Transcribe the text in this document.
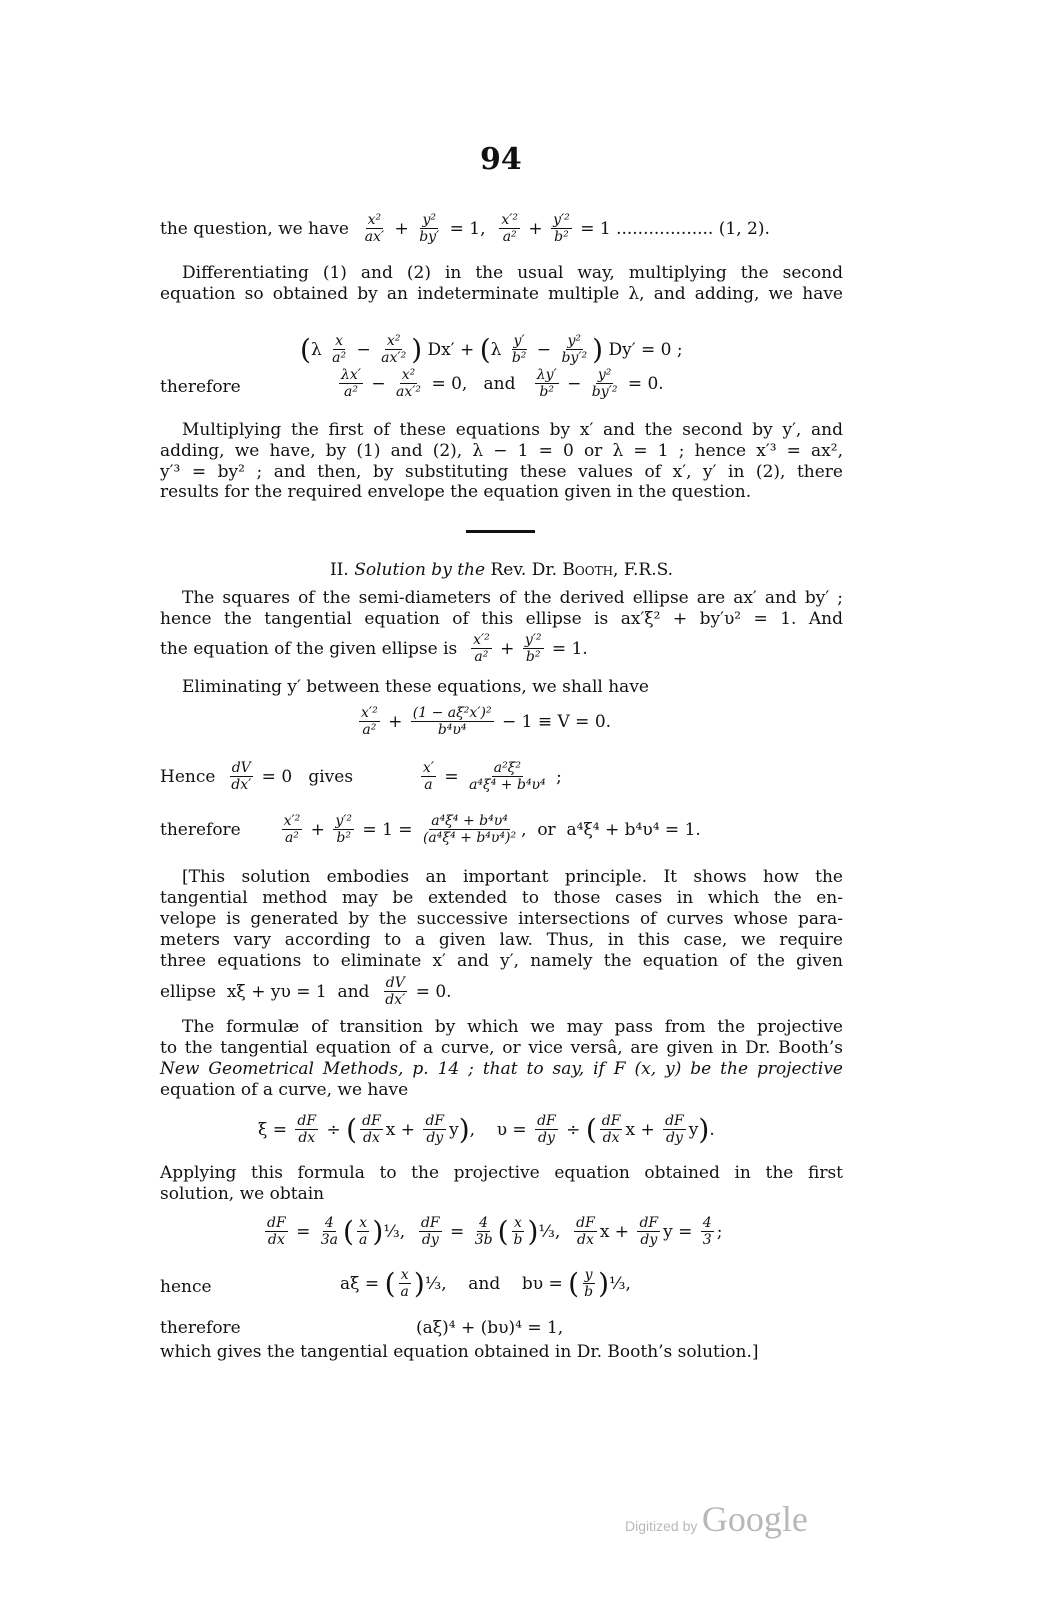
94
the question, we have $\frac{\text{x²}}{ax'} + \frac{\text{y²}}{by'} = 1$, $\frac{\text{x′²}}{\text{a²}} + \frac{\text{y′²}}{\text{b²}} = 1$ .................. (1, 2).
Differentiating (1) and (2) in the usual way, multiplying the second
equation so obtained by an indeterminate multiple λ, and adding, we have
( λ $\frac{x}{\text{a²}} - \frac{\text{x²}}{\text{ax′²}}$ ) Dx′ + ( λ $\frac{y'}{\text{b²}} - \frac{\text{y²}}{\text{by′²}}$ ) Dy′ = 0 ;
therefore	$\frac{\lambda x'}{\text{a²}} - \frac{\text{x²}}{\text{ax′²}} = 0$,   and $\frac{\lambda y'}{\text{b²}} - \frac{\text{y²}}{\text{by′²}} = 0$.
Multiplying the first of these equations by x′ and the second by y′, and
adding, we have, by (1) and (2), λ − 1 = 0 or λ = 1 ; hence x′³ = ax²,
y′³ = by² ; and then, by substituting these values of x′, y′ in (2), there
results for the required envelope the equation given in the question.
II. Solution by the Rev. Dr. Booth, F.R.S.
The squares of the semi-diameters of the derived ellipse are ax′ and by′ ;
hence the tangential equation of this ellipse is ax′ξ² + by′υ² = 1. And
the equation of the given ellipse is $\frac{\text{x′²}}{\text{a²}} + \frac{\text{y′²}}{\text{b²}} = 1$.
Eliminating y′ between these equations, we shall have
$\frac{\text{x′²}}{\text{a²}} + \frac{\text{(1 − aξ²x′)²}}{\text{b⁴υ⁴}} - 1 \equiv V = 0$.
Hence $\frac{dV}{dx'} = 0$   gives $\frac{x'}{a} = \frac{\text{a²ξ²}}{\text{a⁴ξ⁴ + b⁴υ⁴}}$ ;
therefore $\frac{\text{x′²}}{\text{a²}} + \frac{\text{y′²}}{\text{b²}} = 1 = \frac{\text{a⁴ξ⁴ + b⁴υ⁴}}{\text{(a⁴ξ⁴ + b⁴υ⁴)²}}$ ,  or  a⁴ξ⁴ + b⁴υ⁴ = 1.
[This solution embodies an important principle. It shows how the
tangential method may be extended to those cases in which the en-
velope is generated by the successive intersections of curves whose para-
meters vary according to a given law. Thus, in this case, we require
three equations to eliminate x′ and y′, namely the equation of the given
ellipse  xξ + yυ = 1  and $\frac{dV}{dx'} = 0$.
The formulæ of transition by which we may pass from the projective
to the tangential equation of a curve, or vice versâ, are given in Dr. Booth’s
New Geometrical Methods, p. 14 ; that to say, if F (x, y) be the projective
equation of a curve, we have
$\xi = \frac{dF}{dx}$ ÷ ( $\frac{dF}{dx}$ $x + \frac{dF}{dy}$ y ) ,    $\upsilon = \frac{dF}{dy}$ ÷ ( $\frac{dF}{dx}$ $x + \frac{dF}{dy}$ y ) .
Applying this formula to the projective equation obtained in the first
solution, we obtain
$\frac{dF}{dx} = \frac{4}{3a}$ ( $\frac{x}{a}$ ) ⅓, $\frac{dF}{dy} = \frac{4}{3b}$ ( $\frac{x}{b}$ ) ⅓, $\frac{dF}{dx}$ $x + \frac{dF}{dy}$ $y = \frac{4}{3}$ ;
hence	aξ = ( $\frac{x}{a}$ ) ⅓,    and    bυ = ( $\frac{y}{b}$ ) ⅓,
therefore	(aξ)⁴ + (bυ)⁴ = 1,
which gives the tangential equation obtained in Dr. Booth’s solution.]
Digitized by Google
